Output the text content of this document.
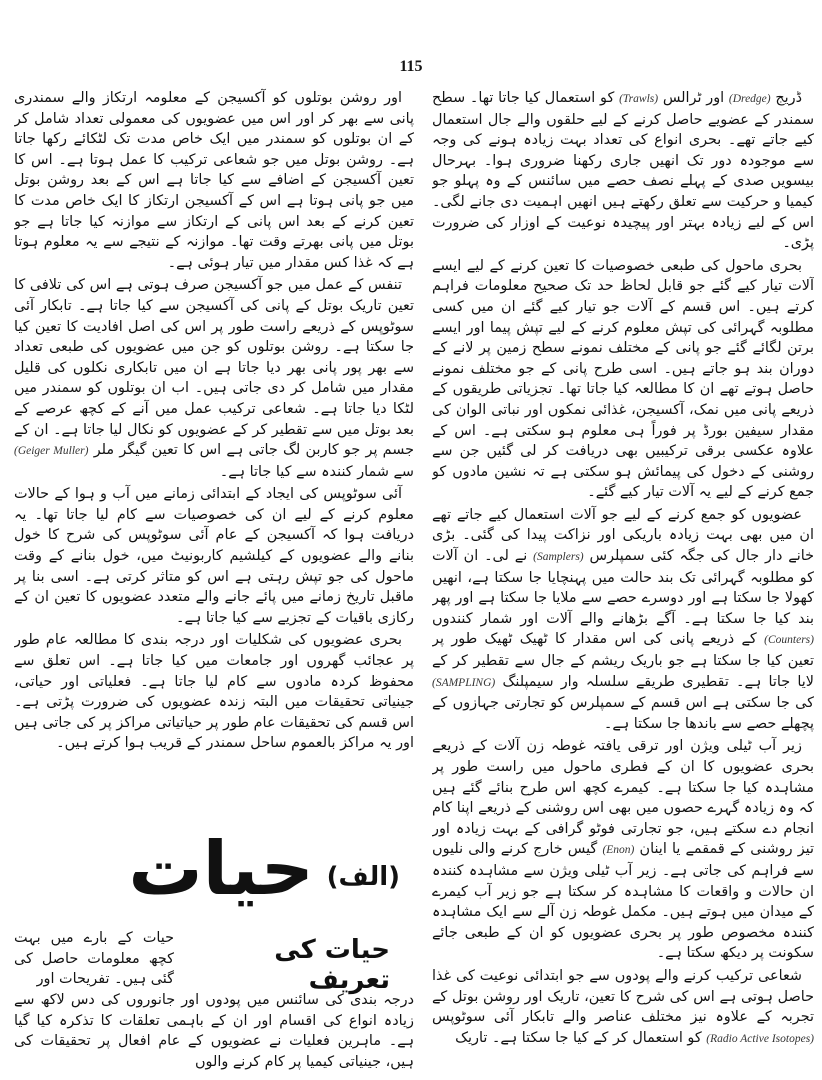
115

ڈریج (Dredge) اور ٹرالس (Trawls) کو استعمال کیا جاتا تھا۔ سطح سمندر کے عضویے حاصل کرنے کے لیے حلقوں والے جال استعمال کیے جاتے تھے۔ بحری انواع کی تعداد بہت زیادہ ہونے کی وجہ سے موجودہ دور تک انھیں جاری رکھنا ضروری ہوا۔ بہرحال بیسویں صدی کے پہلے نصف حصے میں سائنس کے وہ پہلو جو کیمیا و حرکیت سے تعلق رکھتے ہیں انھیں اہمیت دی جانے لگی۔ اس کے لیے زیادہ بہتر اور پیچیدہ نوعیت کے اوزار کی ضرورت پڑی۔

بحری ماحول کی طبعی خصوصیات کا تعین کرنے کے لیے ایسے آلات تیار کیے گئے جو قابل لحاظ حد تک صحیح معلومات فراہم کرتے ہیں۔ اس قسم کے آلات جو تیار کیے گئے ان میں کسی مطلوبہ گہرائی کی تپش معلوم کرنے کے لیے تپش پیما اور ایسے برتن لگائے گئے جو پانی کے مختلف نمونے سطح زمین پر لانے کے دوران بند ہو جاتے ہیں۔ اسی طرح پانی کے جو مختلف نمونے حاصل ہوتے تھے ان کا مطالعہ کیا جاتا تھا۔ تجزیاتی طریقوں کے ذریعے پانی میں نمک، آکسیجن، غذائی نمکوں اور نباتی الوان کی مقدار سیفین بورڈ پر فوراً ہی معلوم ہو سکتی ہے۔ اس کے علاوہ عکسی برقی ترکیبیں بھی دریافت کر لی گئیں جن سے روشنی کے دخول کی پیمائش ہو سکتی ہے تہ نشین مادوں کو جمع کرنے کے لیے یہ آلات تیار کیے گئے۔

عضویوں کو جمع کرنے کے لیے جو آلات استعمال کیے جاتے تھے ان میں بھی بہت زیادہ باریکی اور نزاکت پیدا کی گئی۔ بڑی خانے دار جال کی جگہ کئی سمپلرس (Samplers) نے لی۔ ان آلات کو مطلوبہ گہرائی تک بند حالت میں پہنچایا جا سکتا ہے، انھیں کھولا جا سکتا ہے اور دوسرے حصے سے ملایا جا سکتا ہے اور پھر بند کیا جا سکتا ہے۔ آگے بڑھانے والے آلات اور شمار کنندوں (Counters) کے ذریعے پانی کی اس مقدار کا ٹھیک ٹھیک طور پر تعین کیا جا سکتا ہے جو باریک ریشم کے جال سے تقطیر کر کے لایا جاتا ہے۔ تقطیری طریقے سلسلہ وار سیمپلنگ (SAMPLING) کی جا سکتی ہے اس قسم کے سمپلرس کو تجارتی جہازوں کے پچھلے حصے سے باندھا جا سکتا ہے۔

زیر آب ٹیلی ویژن اور ترقی یافتہ غوطہ زن آلات کے ذریعے بحری عضویوں کا ان کے فطری ماحول میں راست طور پر مشاہدہ کیا جا سکتا ہے۔ کیمرے کچھ اس طرح بنائے گئے ہیں کہ وہ زیادہ گہرے حصوں میں بھی اس روشنی کے ذریعے اپنا کام انجام دے سکتے ہیں، جو تجارتی فوٹو گرافی کے بہت زیادہ اور تیز روشنی کے قمقمے یا اینان (Enon) گیس خارج کرنے والی نلیوں سے فراہم کی جاتی ہے۔ زیر آب ٹیلی ویژن سے مشاہدہ کنندہ ان حالات و واقعات کا مشاہدہ کر سکتا ہے جو زیر آب کیمرے کے میدان میں ہوتے ہیں۔ مکمل غوطہ زن آلے سے ایک مشاہدہ کنندہ مخصوص طور پر بحری عضویوں کو ان کے طبعی جائے سکونت پر دیکھ سکتا ہے۔

شعاعی ترکیب کرنے والے پودوں سے جو ابتدائی نوعیت کی غذا حاصل ہوتی ہے اس کی شرح کا تعین، تاریک اور روشن بوتل کے تجربہ کے علاوہ نیز مختلف عناصر والے تابکار آئی سوٹوپس (Radio Active Isotopes) کو استعمال کر کے کیا جا سکتا ہے۔ تاریک

اور روشن بوتلوں کو آکسیجن کے معلومہ ارتکاز والے سمندری پانی سے بھر کر اور اس میں عضویوں کی معمولی تعداد شامل کر کے ان بوتلوں کو سمندر میں ایک خاص مدت تک لٹکائے رکھا جاتا ہے۔ روشن بوتل میں جو شعاعی ترکیب کا عمل ہوتا ہے۔ اس کا تعین آکسیجن کے اضافے سے کیا جاتا ہے اس کے بعد روشن بوتل میں جو پانی ہوتا ہے اس کے آکسیجن ارتکاز کا ایک خاص مدت کا تعین کرنے کے بعد اس پانی کے ارتکاز سے موازنہ کیا جاتا ہے جو بوتل میں پانی بھرتے وقت تھا۔ موازنہ کے نتیجے سے یہ معلوم ہوتا ہے کہ غذا کس مقدار میں تیار ہوئی ہے۔

تنفس کے عمل میں جو آکسیجن صرف ہوتی ہے اس کی تلافی کا تعین تاریک بوتل کے پانی کی آکسیجن سے کیا جاتا ہے۔ تابکار آئی سوٹوپس کے ذریعے راست طور پر اس کی اصل افادیت کا تعین کیا جا سکتا ہے۔ روشن بوتلوں کو جن میں عضویوں کی طبعی تعداد سے بھر پور پانی بھر دیا جاتا ہے ان میں تابکاری نکلوں کی قلیل مقدار میں شامل کر دی جاتی ہیں۔ اب ان بوتلوں کو سمندر میں لٹکا دیا جاتا ہے۔ شعاعی ترکیب عمل میں آنے کے کچھ عرصے کے بعد بوتل میں سے تقطیر کر کے عضویوں کو نکال لیا جاتا ہے۔ ان کے جسم پر جو کاربن لگ جاتی ہے اس کا تعین گیگر ملر (Geiger Muller) سے شمار کنندہ سے کیا جاتا ہے۔

آئی سوٹوپس کی ایجاد کے ابتدائی زمانے میں آب و ہوا کے حالات معلوم کرنے کے لیے ان کی خصوصیات سے کام لیا جاتا تھا۔ یہ دریافت ہوا کہ آکسیجن کے عام آئی سوٹوپس کی شرح کا خول بنانے والے عضویوں کے کیلشیم کاربونیٹ میں، خول بنانے کے وقت ماحول کی جو تپش رہتی ہے اس کو متاثر کرتی ہے۔ اسی بنا پر ماقبل تاریخ زمانے میں پائے جانے والے متعدد عضویوں کا تعین ان کے رکازی باقیات کے تجزیے سے کیا جاتا ہے۔

بحری عضویوں کی شکلیات اور درجہ بندی کا مطالعہ عام طور پر عجائب گھروں اور جامعات میں کیا جاتا ہے۔ اس تعلق سے محفوظ کردہ مادوں سے کام لیا جاتا ہے۔ فعلیاتی اور حیاتی، جینیاتی تحقیقات میں البتہ زندہ عضویوں کی ضرورت پڑتی ہے۔ اس قسم کی تحقیقات عام طور پر حیاتیاتی مراکز پر کی جاتی ہیں اور یہ مراکز بالعموم ساحل سمندر کے قریب ہوا کرتے ہیں۔

حیات (الف)
حیات کی تعریف
حیات کے بارے میں بہت کچھ معلومات حاصل کی گئی ہیں۔ تفریحات اور
درجہ بندی کی سائنس میں پودوں اور جانوروں کی دس لاکھ سے زیادہ انواع کی اقسام اور ان کے باہمی تعلقات کا تذکرہ کیا گیا ہے۔ ماہرین فعلیات نے عضویوں کے عام افعال پر تحقیقات کی ہیں، جینیاتی کیمیا پر کام کرنے والوں
